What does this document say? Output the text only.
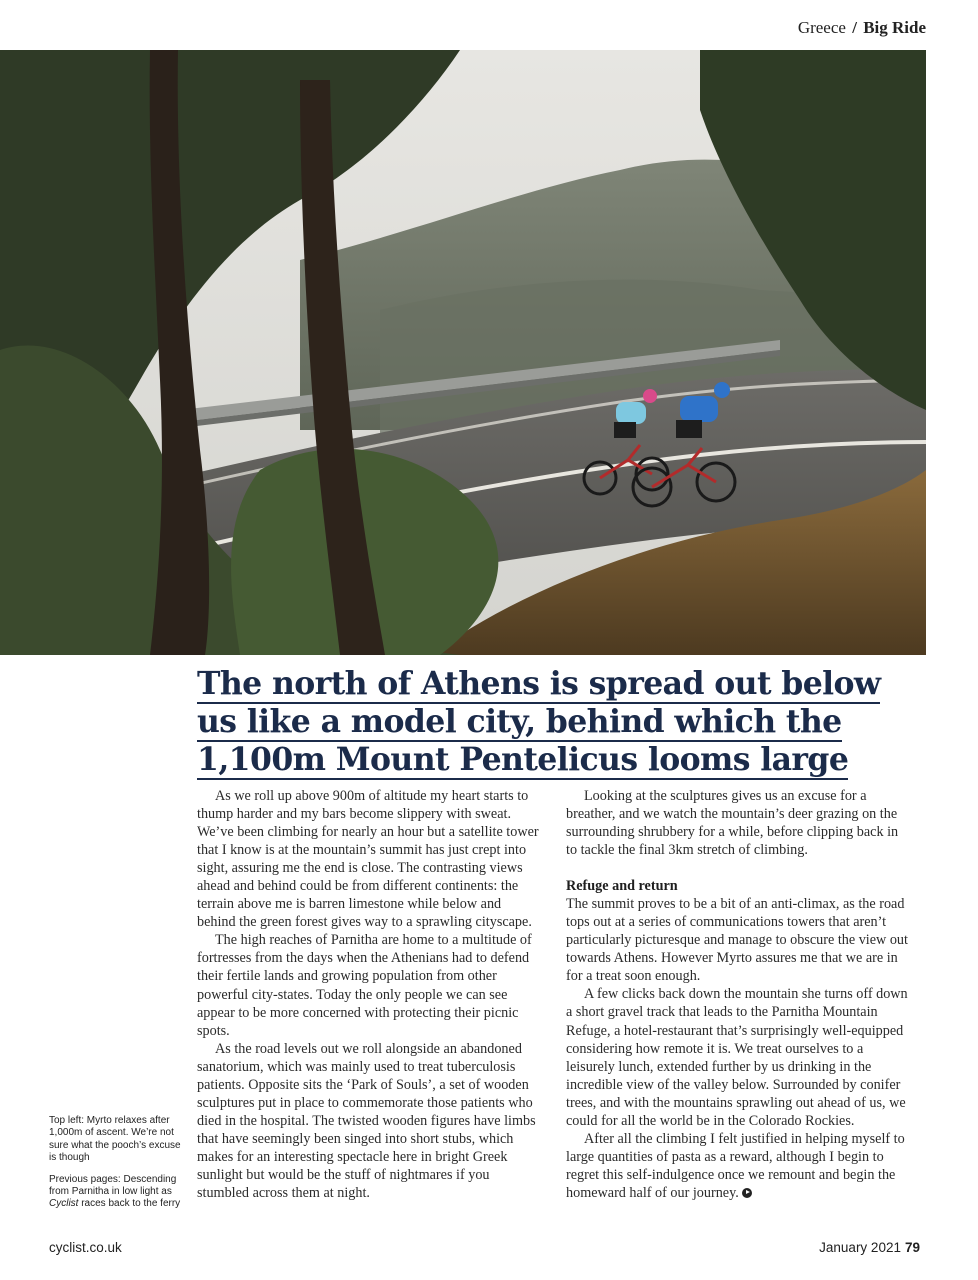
Greece / Big Ride
The north of Athens is spread out below
us like a model city, behind which the
1,100m Mount Pentelicus looms large

As we roll up above 900m of altitude my heart starts to thump harder and my bars become slippery with sweat. We’ve been climbing for nearly an hour but a satellite tower that I know is at the mountain’s summit has just crept into sight, assuring me the end is close. The contrasting views ahead and behind could be from different continents: the terrain above me is barren limestone while below and behind the green forest gives way to a sprawling cityscape.

The high reaches of Parnitha are home to a multitude of fortresses from the days when the Athenians had to defend their fertile lands and growing population from other powerful city-states. Today the only people we can see appear to be more concerned with protecting their picnic spots.

As the road levels out we roll alongside an abandoned sanatorium, which was mainly used to treat tuberculosis patients. Opposite sits the ‘Park of Souls’, a set of wooden sculptures put in place to commemorate those patients who died in the hospital. The twisted wooden figures have limbs that have seemingly been singed into short stubs, which makes for an interesting spectacle here in bright Greek sunlight but would be the stuff of nightmares if you stumbled across them at night.

Looking at the sculptures gives us an excuse for a breather, and we watch the mountain’s deer grazing on the surrounding shrubbery for a while, before clipping back in to tackle the final 3km stretch of climbing.

Refuge and return

The summit proves to be a bit of an anti-climax, as the road tops out at a series of communications towers that aren’t particularly picturesque and manage to obscure the view out towards Athens. However Myrto assures me that we are in for a treat soon enough.

A few clicks back down the mountain she turns off down a short gravel track that leads to the Parnitha Mountain Refuge, a hotel-restaurant that’s surprisingly well-equipped considering how remote it is. We treat ourselves to a leisurely lunch, extended further by us drinking in the incredible view of the valley below. Surrounded by conifer trees, and with the mountains sprawling out ahead of us, we could for all the world be in the Colorado Rockies.

After all the climbing I felt justified in helping myself to large quantities of pasta as a reward, although I begin to regret this self-indulgence once we remount and begin the homeward half of our journey.

Top left: Myrto relaxes after 1,000m of ascent. We’re not sure what the pooch’s excuse is though

Previous pages: Descending from Parnitha in low light as Cyclist races back to the ferry

cyclist.co.uk	January 2021 79
